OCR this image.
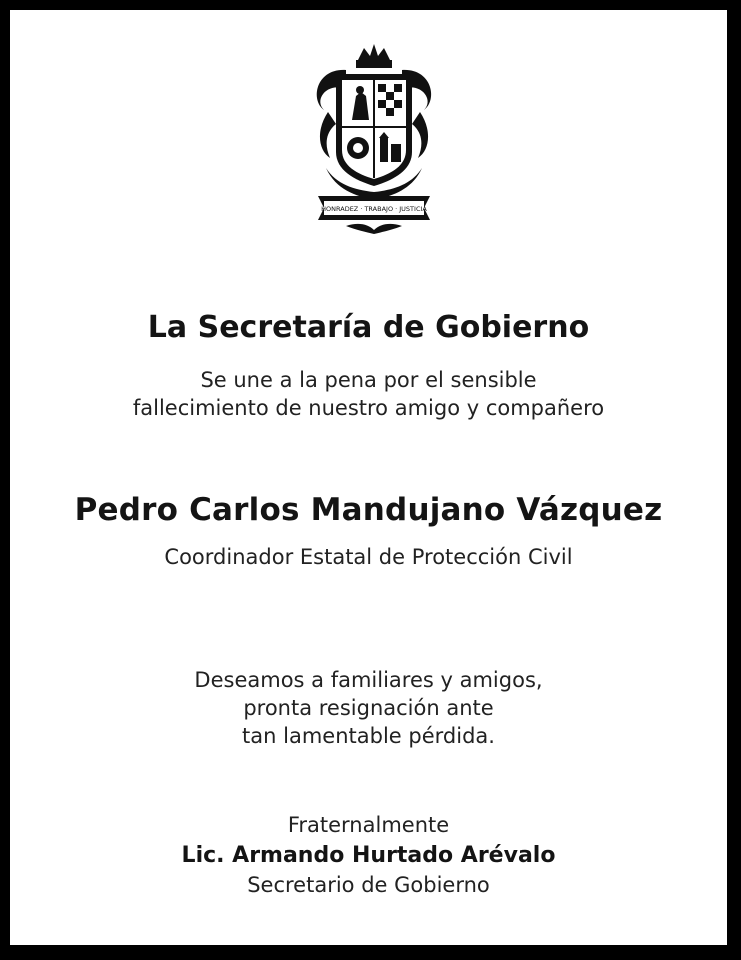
HONRADEZ · TRABAJO · JUSTICIA
La Secretaría de Gobierno
Se une a la pena por el sensible
fallecimiento de nuestro amigo y compañero
Pedro Carlos Mandujano Vázquez
Coordinador Estatal de Protección Civil
Deseamos a familiares y amigos,
pronta resignación ante
tan lamentable pérdida.
Fraternalmente
Lic. Armando Hurtado Arévalo
Secretario de Gobierno
